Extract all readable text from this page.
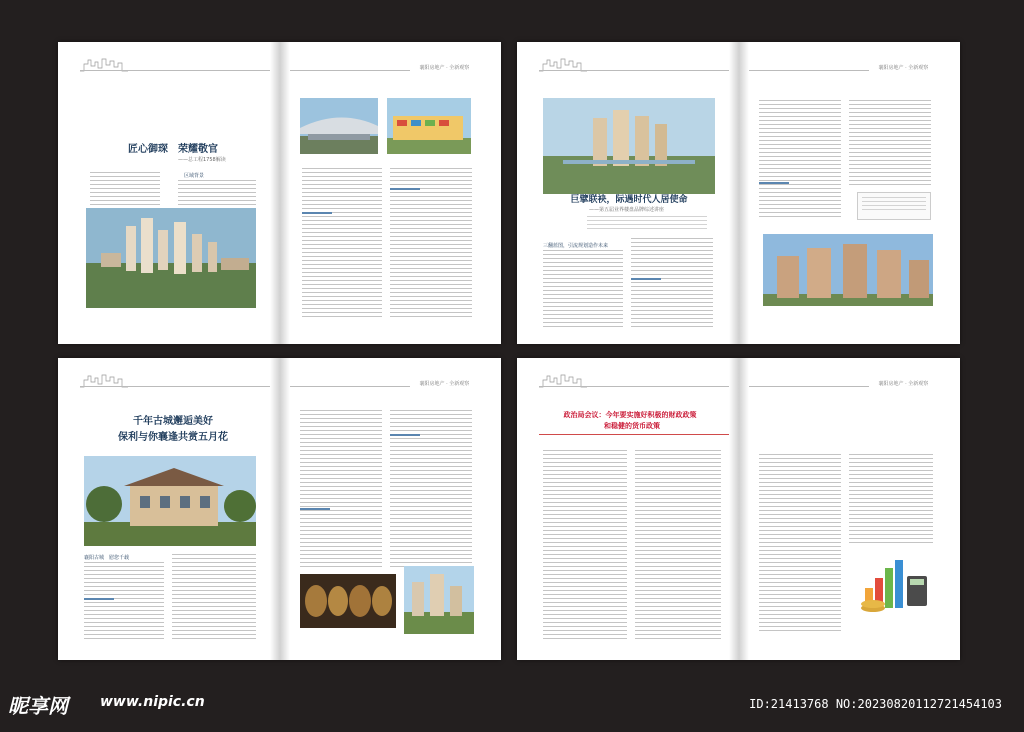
匠心御琛　荣耀敬官
——总工程1758解读
区域背景
襄阳房地产 · 全新观察
巨擘联袂，际遇时代人居使命
——第五届业界楼盘品牌综述讲座
三翻蓝图，引流规划造作未来
襄阳房地产 · 全新观察
千年古城邂逅美好
保利与你襄逢共赏五月花
襄阳古城　慰您千载
襄阳房地产 · 全新观察
政治局会议：今年要实施好积极的财政政策
和稳健的货币政策
襄阳房地产 · 全新观察
昵享网 www.nipic.cn	ID:21413768 NO:20230820112721454103
